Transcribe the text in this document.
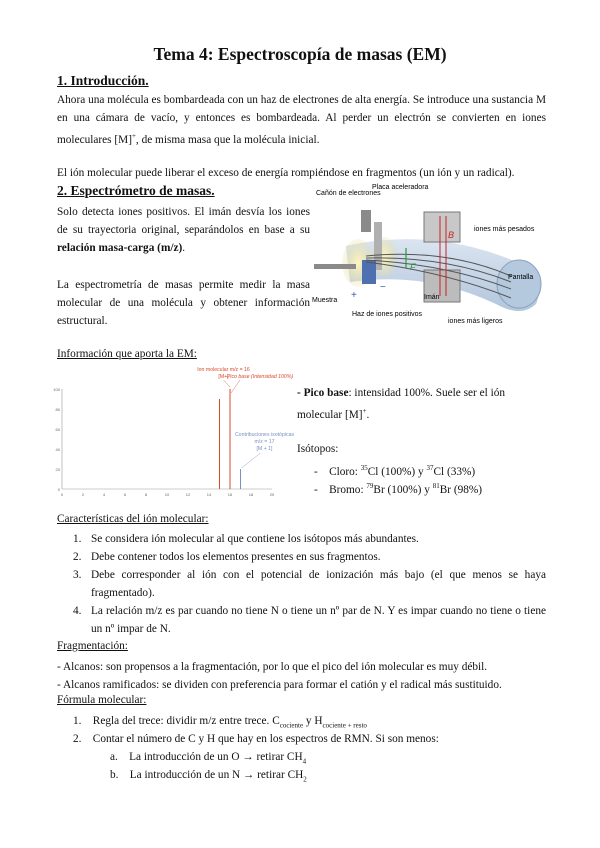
Tema 4: Espectroscopía de masas (EM)
1. Introducción.
Ahora una molécula es bombardeada con un haz de electrones de alta energía. Se introduce una sustancia M en una cámara de vacío, y entonces es bombardeada. Al perder un electrón se convierten en iones moleculares [M]+, de misma masa que la molécula inicial.
El ión molecular puede liberar el exceso de energía rompiéndose en fragmentos (un ión y un radical).
2. Espectrómetro de masas.
Solo detecta iones positivos. El imán desvía los iones de su trayectoria original, separándolos en base a su relación masa-carga (m/z).
La espectrometría de masas permite medir la masa molecular de una molécula y obtener información estructural.
F
B
+
−
Cañón de electrones
Placa aceleradora
iones más pesados
Pantalla
Muestra
Haz de iones positivos
Imán
iones más ligeros
Información que aporta la EM:
100
80
60
40
20
0
0	2	4	6	8	10	12	14	16	18	20
Ion molecular m/z = 16
[M+]
Pico base (Intensidad 100%)
Contribuciones isotópicas
m/z = 17
[M + 1]
- Pico base: intensidad 100%. Suele ser el ión molecular [M]+.
Isótopos:
- Cloro: $^{35}$Cl (100%) y $^{37}$Cl (33%)
- Bromo: $^{79}$Br (100%) y $^{81}$Br (98%)
Características del ión molecular:
1. Se considera ión molecular al que contiene los isótopos más abundantes.
2. Debe contener todos los elementos presentes en sus fragmentos.
3. Debe corresponder al ión con el potencial de ionización más bajo (el que menos se haya fragmentado).
4. La relación m/z es par cuando no tiene N o tiene un nº par de N. Y es impar cuando no tiene o tiene un nº impar de N.
Fragmentación:
- Alcanos: son propensos a la fragmentación, por lo que el pico del ión molecular es muy débil.
- Alcanos ramificados: se dividen con preferencia para formar el catión y el radical más sustituido.
Fórmula molecular:
1. Regla del trece: dividir m/z entre trece. $C_{cociente}$ y $H_{cociente + resto}$
2. Contar el número de C y H que hay en los espectros de RMN. Si son menos:
a. La introducción de un O → retirar $CH_4$
b. La introducción de un N → retirar $CH_2$
